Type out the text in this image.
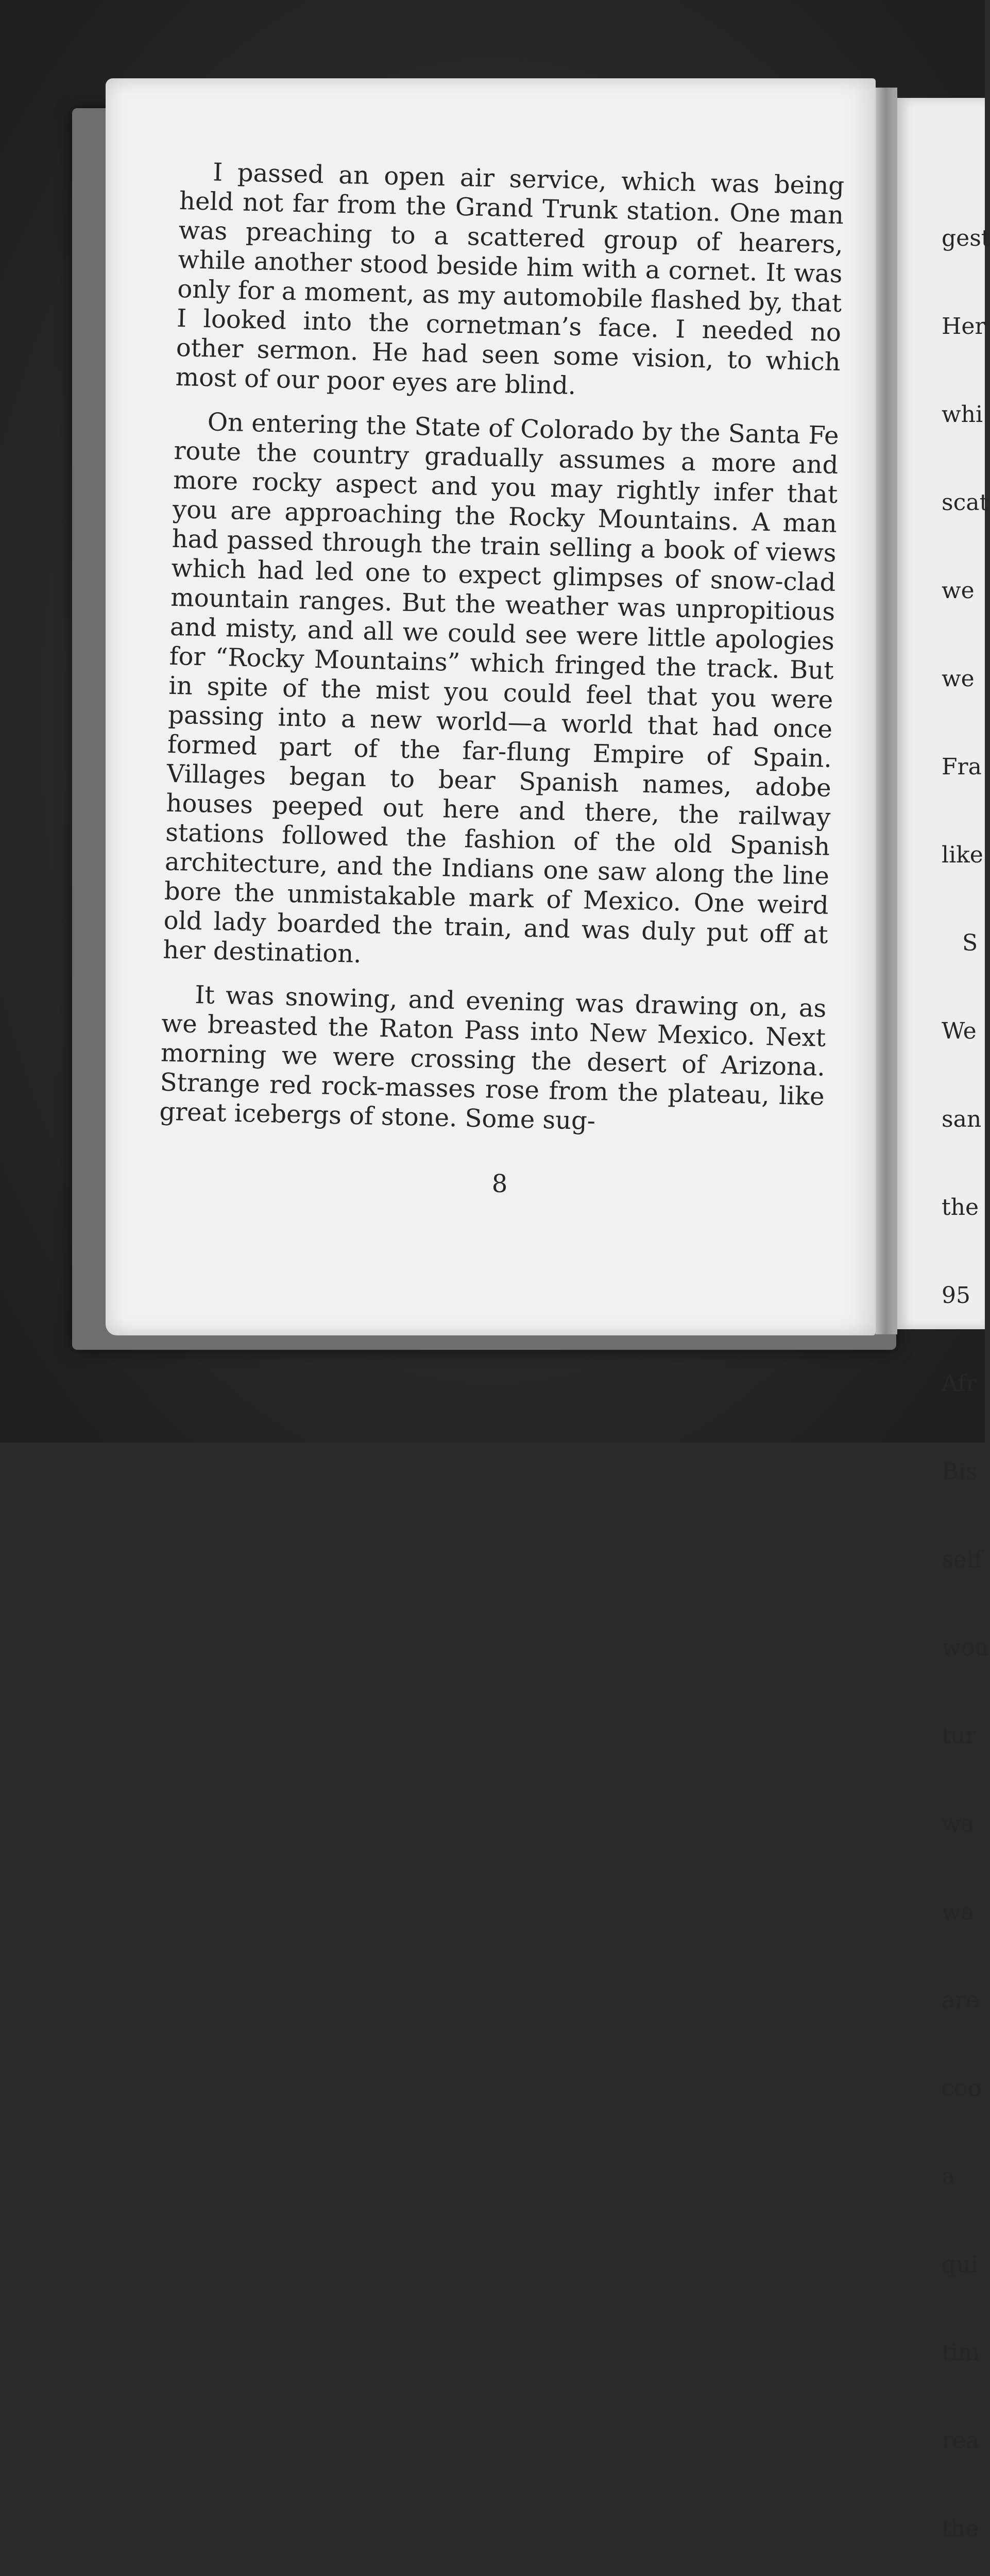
I passed an open air service, which was being held not far from the Grand Trunk station. One man was preaching to a scattered group of hearers, while another stood beside him with a cornet. It was only for a moment, as my automobile flashed by, that I looked into the cornetman’s face. I needed no other sermon. He had seen some vision, to which most of our poor eyes are blind.

On entering the State of Colorado by the Santa Fe route the country gradually assumes a more and more rocky aspect and you may rightly infer that you are approaching the Rocky Mountains. A man had passed through the train selling a book of views which had led one to expect glimpses of snow-clad mountain ranges. But the weather was unpropitious and misty, and all we could see were little apologies for “Rocky Mountains” which fringed the track. But in spite of the mist you could feel that you were passing into a new world—a world that had once formed part of the far-flung Empire of Spain. Villages began to bear Spanish names, adobe houses peeped out here and there, the railway stations followed the fashion of the old Spanish architecture, and the Indians one saw along the line bore the unmistakable mark of Mexico. One weird old lady boarded the train, and was duly put off at her destination.

It was snowing, and evening was drawing on, as we breasted the Raton Pass into New Mexico. Next morning we were crossing the desert of Arizona. Strange red rock-masses rose from the plateau, like great icebergs of stone. Some sug-

8

gest

Her

whi

scat

we

we

Fra

like

S

We

san

the

95

Afr

Bis

self

wou

tur

wa

wa

are

coo

a

qui

tim

rea

the
